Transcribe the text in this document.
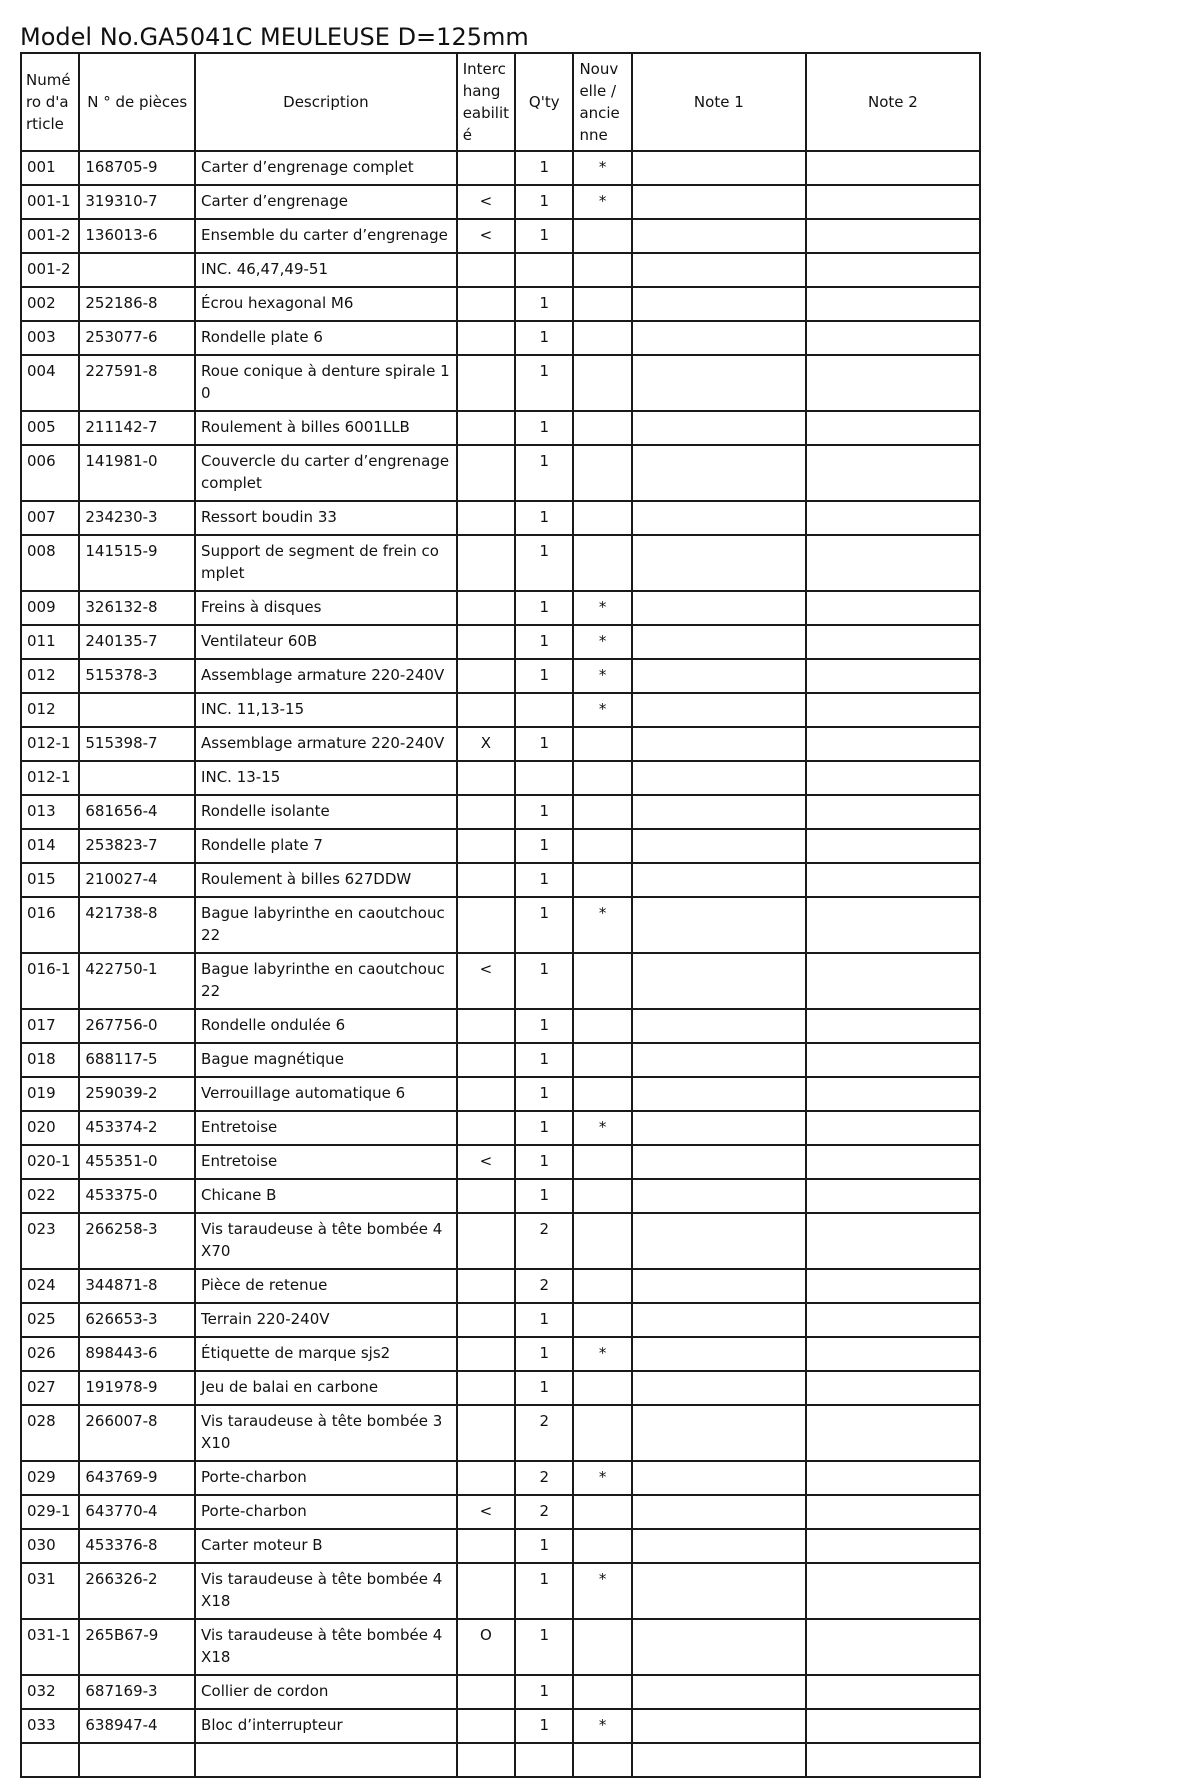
Model No.GA5041C MEULEUSE D=125mm
Numé ro d'a rticle	N ° de pièces	Description	Interc hang eabilit é	Q'ty	Nouv elle / ancie nne	Note 1	Note 2
001	168705-9	Carter d’engrenage complet		1	*		
001-1	319310-7	Carter d’engrenage	<	1	*		
001-2	136013-6	Ensemble du carter d’engrenage	<	1			
001-2		INC. 46,47,49-51					
002	252186-8	Écrou hexagonal M6		1			
003	253077-6	Rondelle plate 6		1			
004	227591-8	Roue conique à denture spirale 10		1			
005	211142-7	Roulement à billes 6001LLB		1			
006	141981-0	Couvercle du carter d’engrenage complet		1			
007	234230-3	Ressort boudin 33		1			
008	141515-9	Support de segment de frein complet		1			
009	326132-8	Freins à disques		1	*		
011	240135-7	Ventilateur 60B		1	*		
012	515378-3	Assemblage armature 220-240V		1	*		
012		INC. 11,13-15			*		
012-1	515398-7	Assemblage armature 220-240V	X	1			
012-1		INC. 13-15					
013	681656-4	Rondelle isolante		1			
014	253823-7	Rondelle plate 7		1			
015	210027-4	Roulement à billes 627DDW		1			
016	421738-8	Bague labyrinthe en caoutchouc 22		1	*		
016-1	422750-1	Bague labyrinthe en caoutchouc 22	<	1			
017	267756-0	Rondelle ondulée 6		1			
018	688117-5	Bague magnétique		1			
019	259039-2	Verrouillage automatique 6		1			
020	453374-2	Entretoise		1	*		
020-1	455351-0	Entretoise	<	1			
022	453375-0	Chicane B		1			
023	266258-3	Vis taraudeuse à tête bombée 4X70		2			
024	344871-8	Pièce de retenue		2			
025	626653-3	Terrain 220-240V		1			
026	898443-6	Étiquette de marque sjs2		1	*		
027	191978-9	Jeu de balai en carbone		1			
028	266007-8	Vis taraudeuse à tête bombée 3X10		2			
029	643769-9	Porte-charbon		2	*		
029-1	643770-4	Porte-charbon	<	2			
030	453376-8	Carter moteur B		1			
031	266326-2	Vis taraudeuse à tête bombée 4X18		1	*		
031-1	265B67-9	Vis taraudeuse à tête bombée 4X18	O	1			
032	687169-3	Collier de cordon		1			
033	638947-4	Bloc d’interrupteur		1	*		
